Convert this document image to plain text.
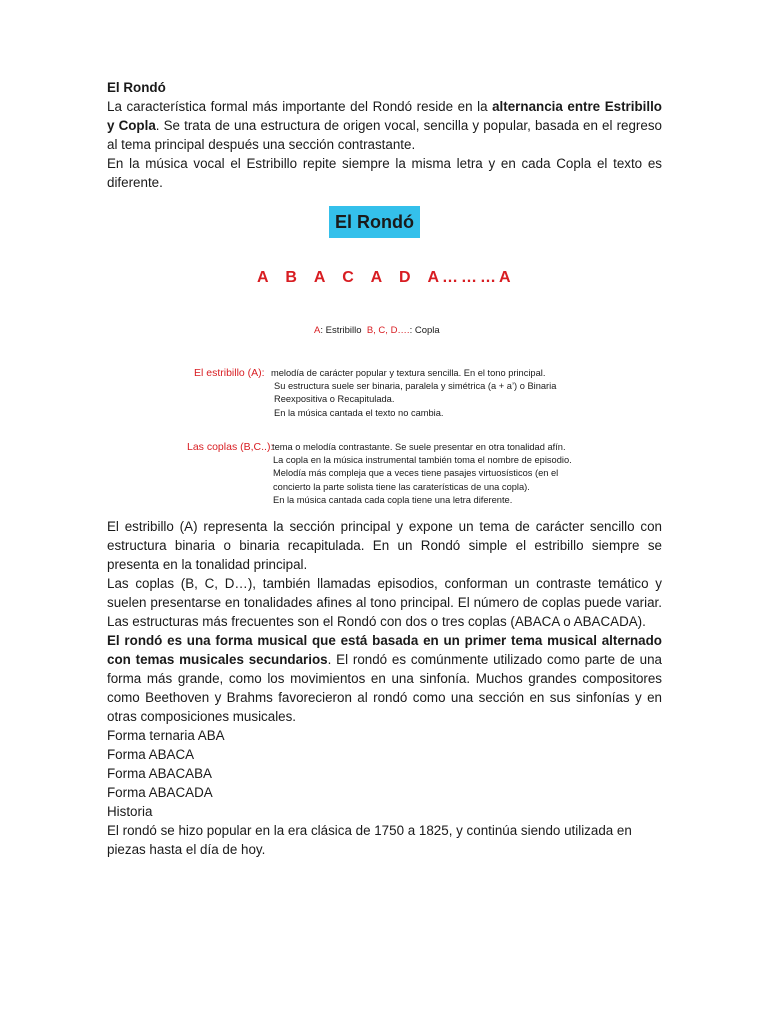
El Rondó

La característica formal más importante del Rondó reside en la alternancia entre Estribillo y Copla. Se trata de una estructura de origen vocal, sencilla y popular, basada en el regreso al tema principal después una sección contrastante.

En la música vocal el Estribillo repite siempre la misma letra y en cada Copla el texto es diferente.

El Rondó
A B A C A D A………A
A: Estribillo B, C, D….: Copla
El estribillo (A): melodía de carácter popular y textura sencilla. En el tono principal.
Su estructura suele ser binaria, paralela y simétrica (a + a’) o Binaria
Reexpositiva o Recapitulada.
En la música cantada el texto no cambia.
Las coplas (B,C..):
tema o melodía contrastante. Se suele presentar en otra tonalidad afín.
La copla en la música instrumental también toma el nombre de episodio.
Melodía más compleja que a veces tiene pasajes virtuosísticos (en el
concierto la parte solista tiene las caraterísticas de una copla).
En la música cantada cada copla tiene una letra diferente.

El estribillo (A) representa la sección principal y expone un tema de carácter sencillo con estructura binaria o binaria recapitulada. En un Rondó simple el estribillo siempre se presenta en la tonalidad principal.

Las coplas (B, C, D…), también llamadas episodios, conforman un contraste temático y suelen presentarse en tonalidades afines al tono principal. El número de coplas puede variar. Las estructuras más frecuentes son el Rondó con dos o tres coplas (ABACA o ABACADA).

El rondó es una forma musical que está basada en un primer tema musical alternado con temas musicales secundarios. El rondó es comúnmente utilizado como parte de una forma más grande, como los movimientos en una sinfonía. Muchos grandes compositores como Beethoven y Brahms favorecieron al rondó como una sección en sus sinfonías y en otras composiciones musicales.

Forma ternaria ABA

Forma ABACA

Forma ABACABA

Forma ABACADA

Historia

El rondó se hizo popular en la era clásica de 1750 a 1825, y continúa siendo utilizada en piezas hasta el día de hoy.
